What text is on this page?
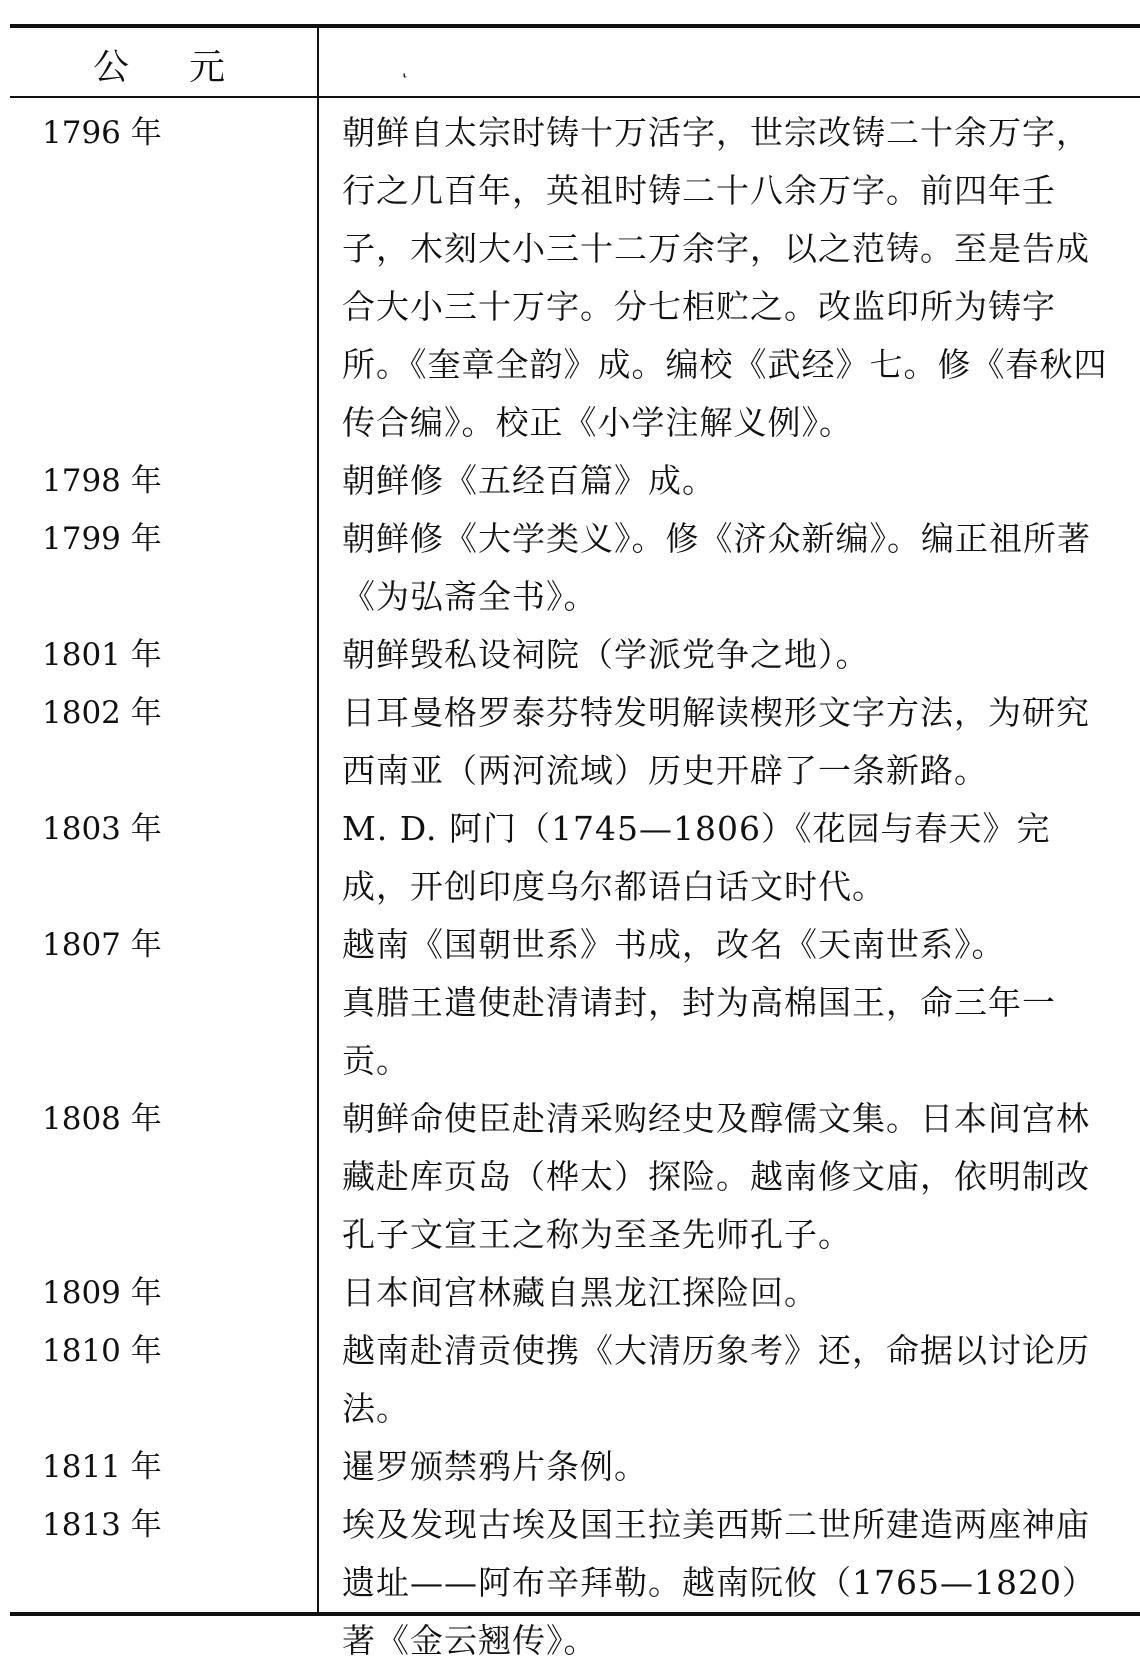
公元
1796 年	朝鲜自太宗时铸十万活字，世宗改铸二十余万字，行之几百年，英祖时铸二十八余万字。前四年壬子，木刻大小三十二万余字，以之范铸。至是告成合大小三十万字。分七柜贮之。改监印所为铸字所。《奎章全韵》成。编校《武经》七。修《春秋四传合编》。校正《小学注解义例》。
1798 年	朝鲜修《五经百篇》成。
1799 年	朝鲜修《大学类义》。修《济众新编》。编正祖所著《为弘斋全书》。
1801 年	朝鲜毁私设祠院（学派党争之地）。
1802 年	日耳曼格罗泰芬特发明解读楔形文字方法，为研究西南亚（两河流域）历史开辟了一条新路。
1803 年	M. D. 阿门（1745—1806）《花园与春天》完成，开创印度乌尔都语白话文时代。
1807 年	越南《国朝世系》书成，改名《天南世系》。
真腊王遣使赴清请封，封为高棉国王，命三年一贡。
1808 年	朝鲜命使臣赴清采购经史及醇儒文集。日本间宫林藏赴库页岛（桦太）探险。越南修文庙，依明制改孔子文宣王之称为至圣先师孔子。
1809 年	日本间宫林藏自黑龙江探险回。
1810 年	越南赴清贡使携《大清历象考》还，命据以讨论历法。
1811 年	暹罗颁禁鸦片条例。
1813 年	埃及发现古埃及国王拉美西斯二世所建造两座神庙遗址——阿布辛拜勒。越南阮攸（1765—1820）著《金云翘传》。
